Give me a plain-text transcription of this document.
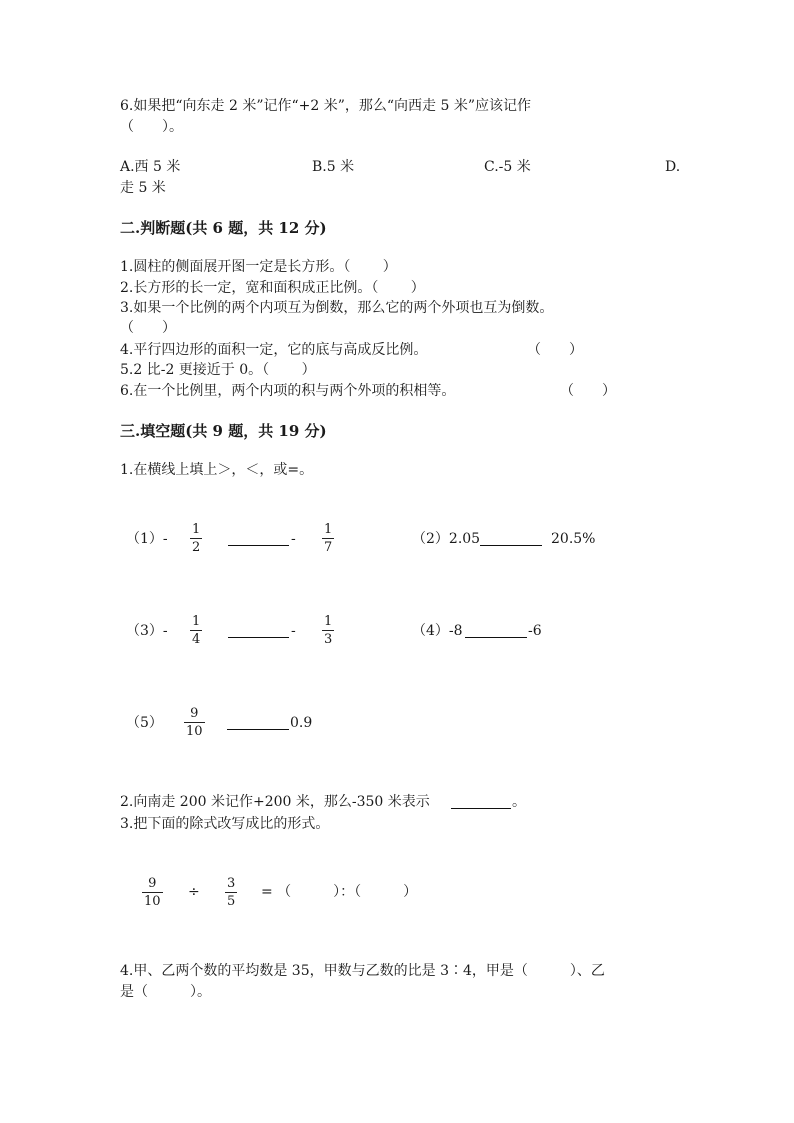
6.如果把“向东走 2 米”记作“+2 米”，那么“向西走 5 米”应该记作
（　　）。
A.西 5 米	B.5 米	C.-5 米	D.
走 5 米
二.判断题(共 6 题，共 12 分)
1.圆柱的侧面展开图一定是长方形。（　　 ）
2.长方形的长一定，宽和面积成正比例。（　　 ）
3.如果一个比例的两个内项互为倒数，那么它的两个外项也互为倒数。
（　　）
4.平行四边形的面积一定，它的底与高成反比例。	（　　）
5.2 比-2 更接近于 0。（　　 ）
6.在一个比例里，两个内项的积与两个外项的积相等。	（　　）
三.填空题(共 9 题，共 19 分)
1.在横线上填上＞，＜，或=。
（1）-
1
2
-
1
7
（2）2.05	20.5%
（3）-
1
4
-
1
3
（4）-8	-6
（5）
9
10
0.9
2.向南走 200 米记作+200 米，那么-350 米表示	。
3.把下面的除式改写成比的形式。
9
10
÷
3
5
= （　　　）：（　　　）
4.甲、乙两个数的平均数是 35，甲数与乙数的比是 3∶4，甲是（　　　）、乙
是（　　　）。
